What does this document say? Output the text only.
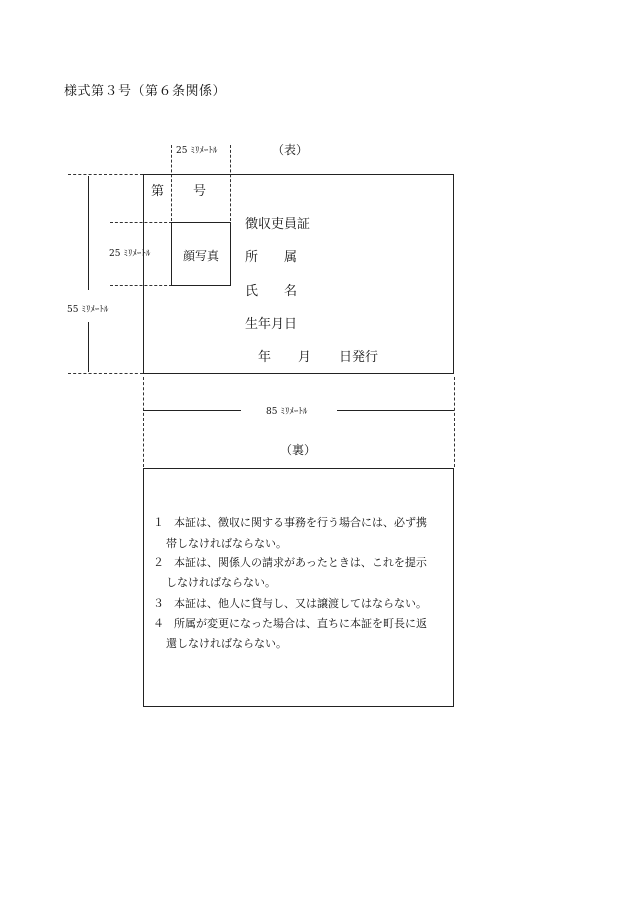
様式第３号（第６条関係）
25 ﾐﾘﾒｰﾄﾙ	（表）
55 ﾐﾘﾒｰﾄﾙ
25 ﾐﾘﾒｰﾄﾙ
第 号
顔写真
徴収吏員証
所　　属
氏　　名
生年月日
年 月 日発行
85 ﾐﾘﾒｰﾄﾙ
（裏）
１ 本証は、徴収に関する事務を行う場合には、必ず携
帯しなければならない。
２ 本証は、関係人の請求があったときは、これを提示
しなければならない。
３ 本証は、他人に貸与し、又は譲渡してはならない。
４ 所属が変更になった場合は、直ちに本証を町長に返
還しなければならない。
